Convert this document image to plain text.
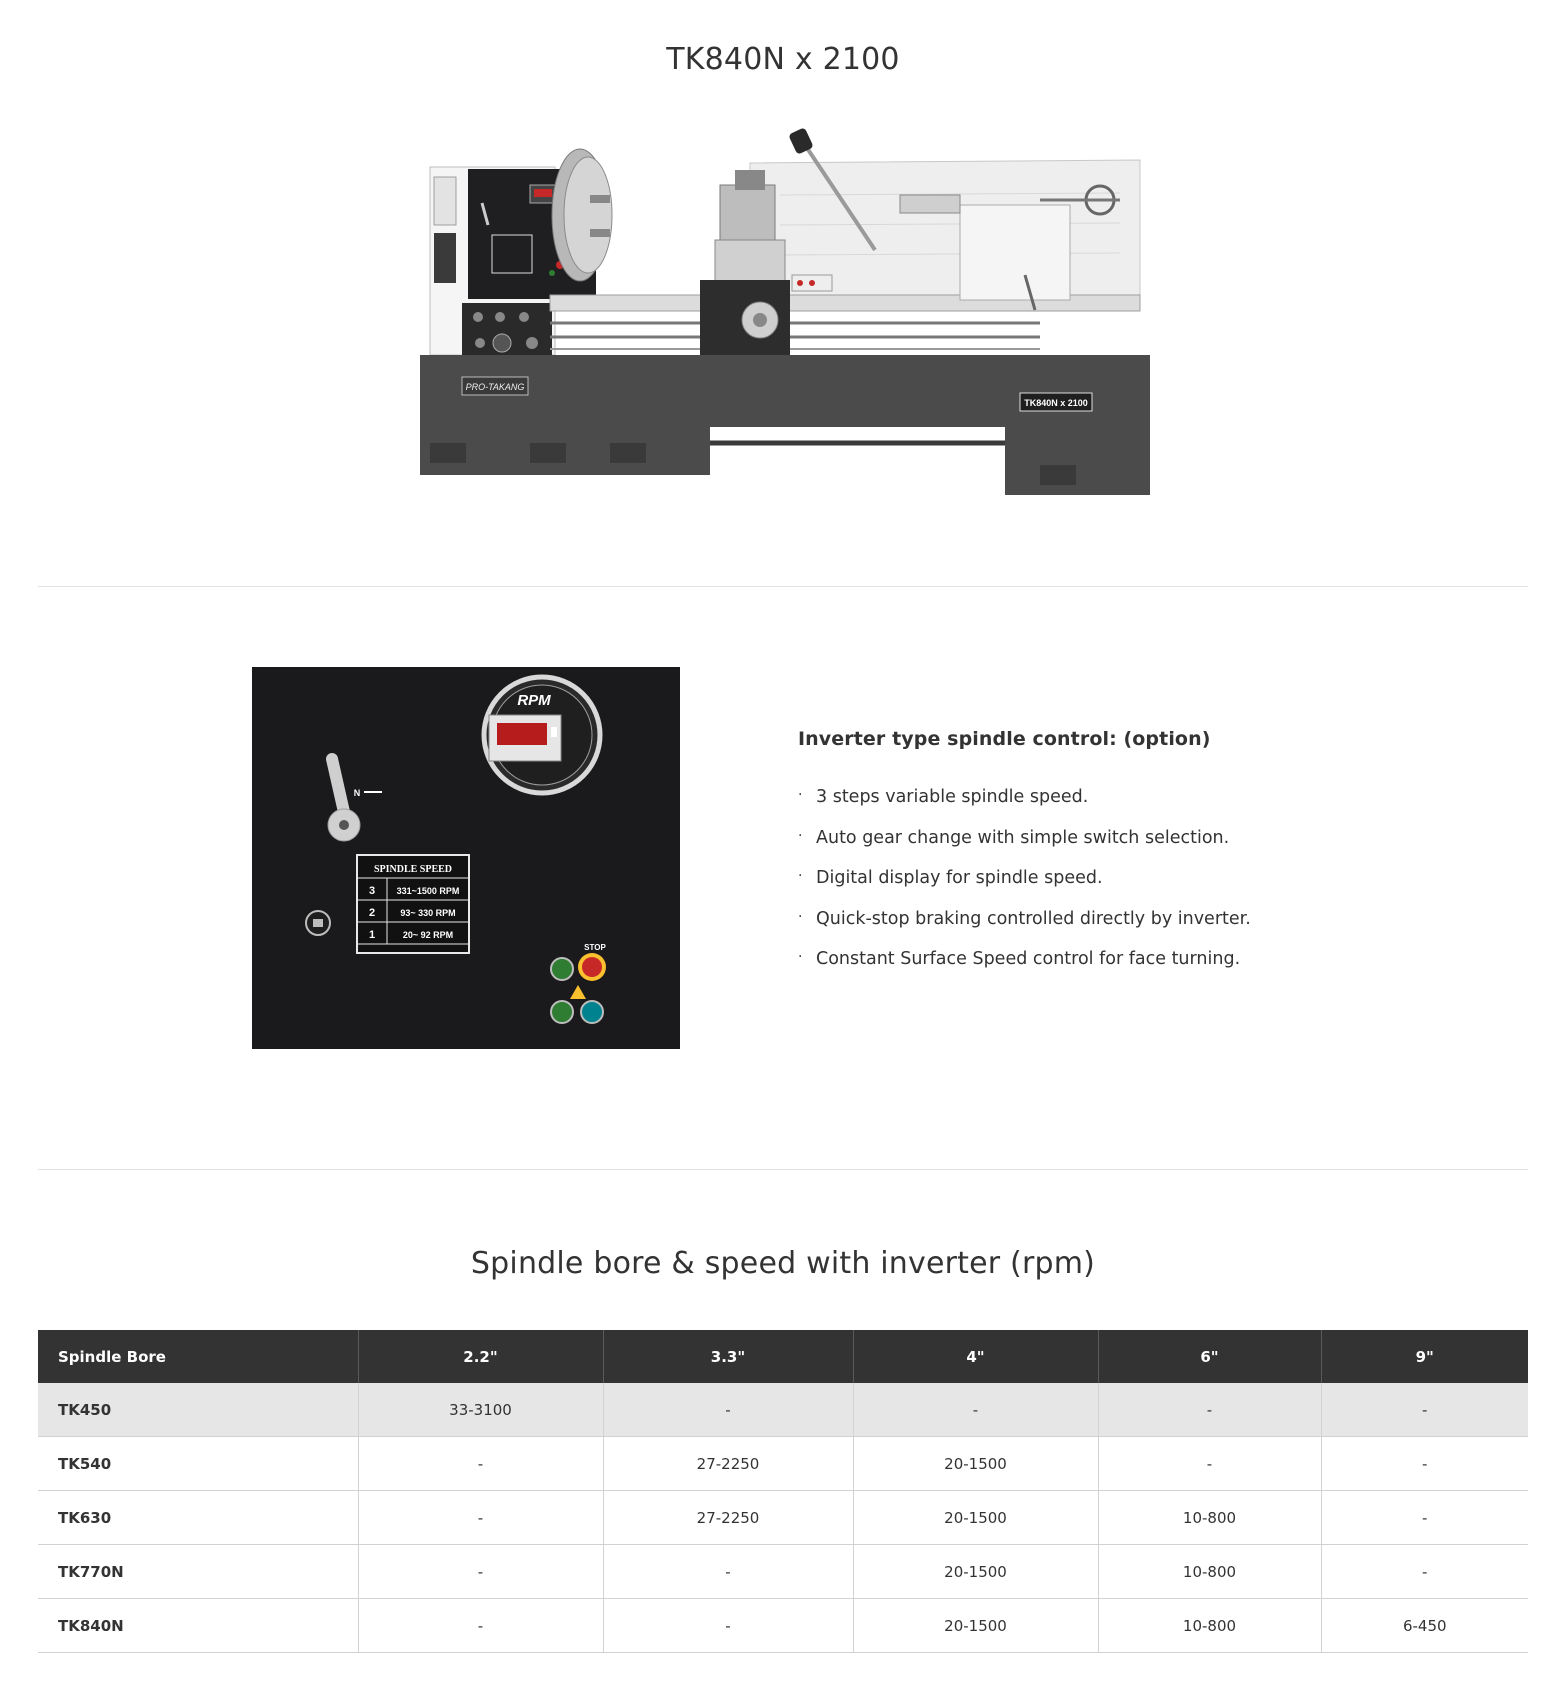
TK840N x 2100
PRO-TAKANG
TK840N x 2100
RPM
N
SPINDLE SPEED
3 331~1500 RPM
2	93~ 330 RPM
1	20~ 92 RPM
STOP
Inverter type spindle control: (option)
· 3 steps variable spindle speed.
· Auto gear change with simple switch selection.
· Digital display for spindle speed.
· Quick-stop braking controlled directly by inverter.
· Constant Surface Speed control for face turning.
Spindle bore & speed with inverter (rpm)
Spindle Bore	2.2"	3.3"	4"	6"	9"
TK450	33-3100	-	-	-	-
TK540	-	27-2250	20-1500	-	-
TK630	-	27-2250	20-1500	10-800	-
TK770N	-	-	20-1500	10-800	-
TK840N	-	-	20-1500	10-800	6-450
